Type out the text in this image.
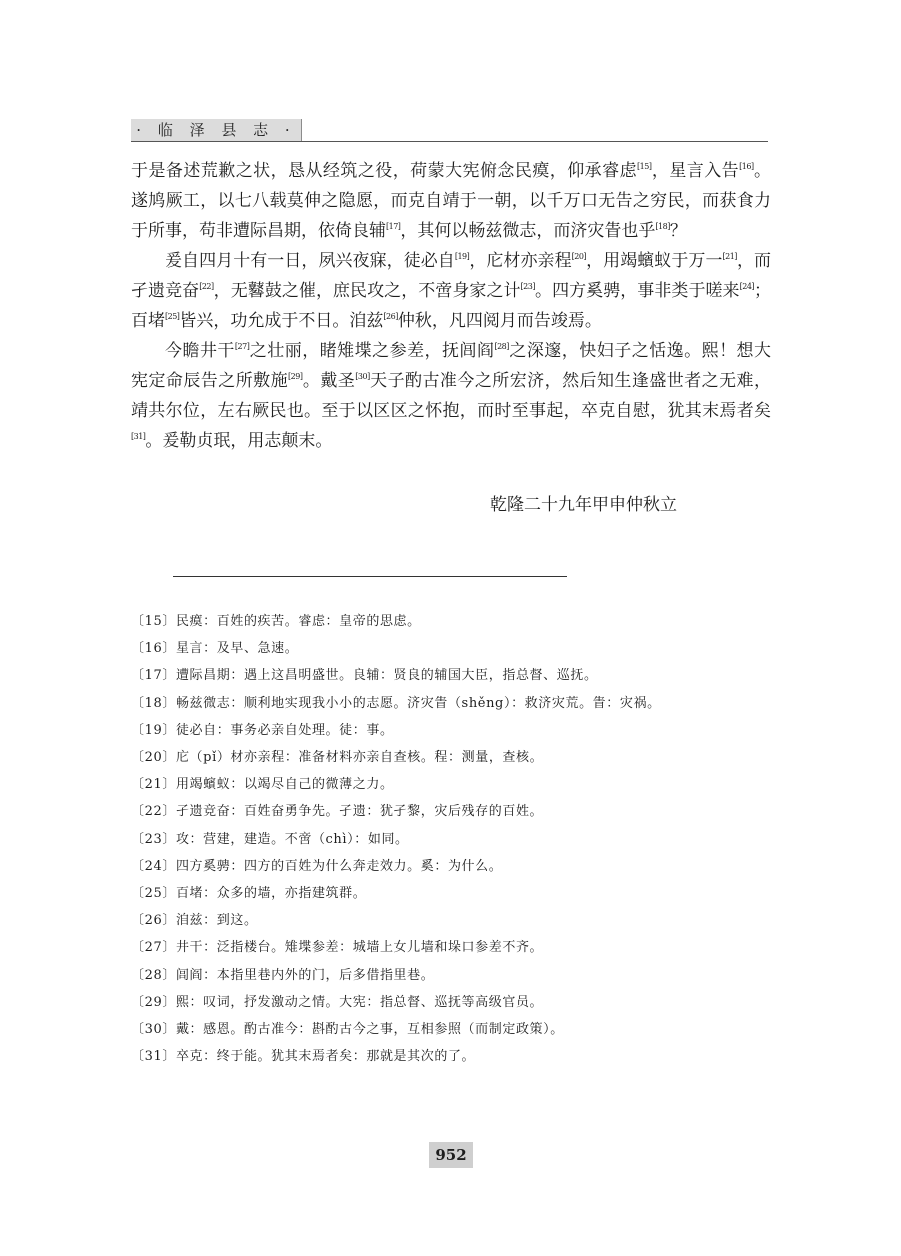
· 临 泽 县 志 ·

于是备述荒歉之状，恳从经筑之役，荷蒙大宪俯念民瘼，仰承睿虑[15]，星言入告[16]。遂鸠厥工，以七八载莫伸之隐愿，而克自靖于一朝，以千万口无告之穷民，而获食力于所事，苟非遭际昌期，依倚良辅[17]，其何以畅兹微志，而济灾眚也乎[18]？

爰自四月十有一日，夙兴夜寐，徒必自[19]，庀材亦亲程[20]，用竭蠙蚁于万一[21]，而孑遗竞奋[22]，无鼛鼓之催，庶民攻之，不啻身家之计[23]。四方奚骋，事非类于嗟来[24]；百堵[25]皆兴，功允成于不日。洎兹[26]仲秋，凡四阅月而告竣焉。

今瞻井干[27]之壮丽，睹雉堞之参差，抚闾阎[28]之深邃，快妇子之恬逸。熙！想大宪定命辰告之所敷施[29]。戴圣[30]天子酌古准今之所宏济，然后知生逢盛世者之无难，靖共尔位，左右厥民也。至于以区区之怀抱，而时至事起，卒克自慰，犹其末焉者矣[31]。爰勒贞珉，用志颠末。

乾隆二十九年甲申仲秋立
〔15〕民瘼：百姓的疾苦。睿虑：皇帝的思虑。
〔16〕星言：及早、急速。
〔17〕遭际昌期：遇上这昌明盛世。良辅：贤良的辅国大臣，指总督、巡抚。
〔18〕畅兹微志：顺利地实现我小小的志愿。济灾眚（shěng）：救济灾荒。眚：灾祸。
〔19〕徒必自：事务必亲自处理。徒：事。
〔20〕庀（pǐ）材亦亲程：准备材料亦亲自查核。程：测量，查核。
〔21〕用竭蠙蚁：以竭尽自己的微薄之力。
〔22〕孑遗竞奋：百姓奋勇争先。孑遗：犹孑黎，灾后残存的百姓。
〔23〕攻：营建，建造。不啻（chì）：如同。
〔24〕四方奚骋：四方的百姓为什么奔走效力。奚：为什么。
〔25〕百堵：众多的墙，亦指建筑群。
〔26〕洎兹：到这。
〔27〕井干：泛指楼台。雉堞参差：城墙上女儿墙和垛口参差不齐。
〔28〕闾阎：本指里巷内外的门，后多借指里巷。
〔29〕熙：叹词，抒发激动之情。大宪：指总督、巡抚等高级官员。
〔30〕戴：感恩。酌古准今：斟酌古今之事，互相参照（而制定政策）。
〔31〕卒克：终于能。犹其末焉者矣：那就是其次的了。
952
